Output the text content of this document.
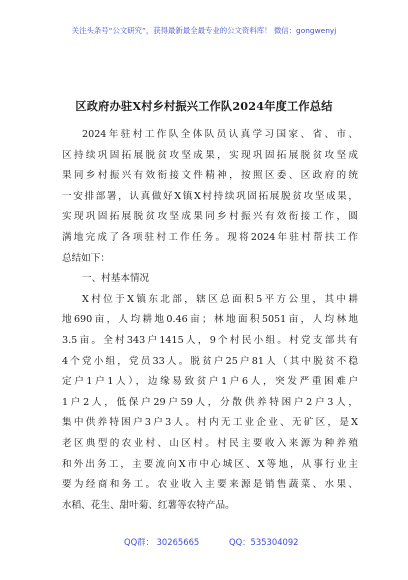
关注头条号“公文研究”，获得最新最全最专业的公文资料库！ 微信：gongwenyj
区政府办驻X村乡村振兴工作队2024年度工作总结
2024年驻村工作队全体队员认真学习国家、省、市、
区持续巩固拓展脱贫攻坚成果，实现巩固拓展脱贫攻坚成
果同乡村振兴有效衔接文件精神，按照区委、区政府的统
一安排部署，认真做好X镇X村持续巩固拓展脱贫攻坚成果，
实现巩固拓展脱贫攻坚成果同乡村振兴有效衔接工作，圆
满地完成了各项驻村工作任务。现将2024年驻村帮扶工作
总结如下：
一、村基本情况
X村位于X镇东北部，辖区总面积5平方公里，其中耕
地690亩，人均耕地0.46亩；林地面积5051亩，人均林地
3.5亩。全村343户1415人，9个村民小组。村党支部共有
4个党小组，党员33人。脱贫户25户81人（其中脱贫不稳
定户1户1人），边缘易致贫户1户6人，突发严重困难户
1户2人，低保户29户59人，分散供养特困户2户3人，
集中供养特困户3户3人。村内无工业企业、无矿区，是X
老区典型的农业村、山区村。村民主要收入来源为种养殖
和外出务工，主要流向X市中心城区、X等地，从事行业主
要为经商和务工。农业收入主要来源是销售蔬菜、水果、
水稻、花生、甜叶菊、红薯等农特产品。
QQ群： 30265665	QQ：535304092
